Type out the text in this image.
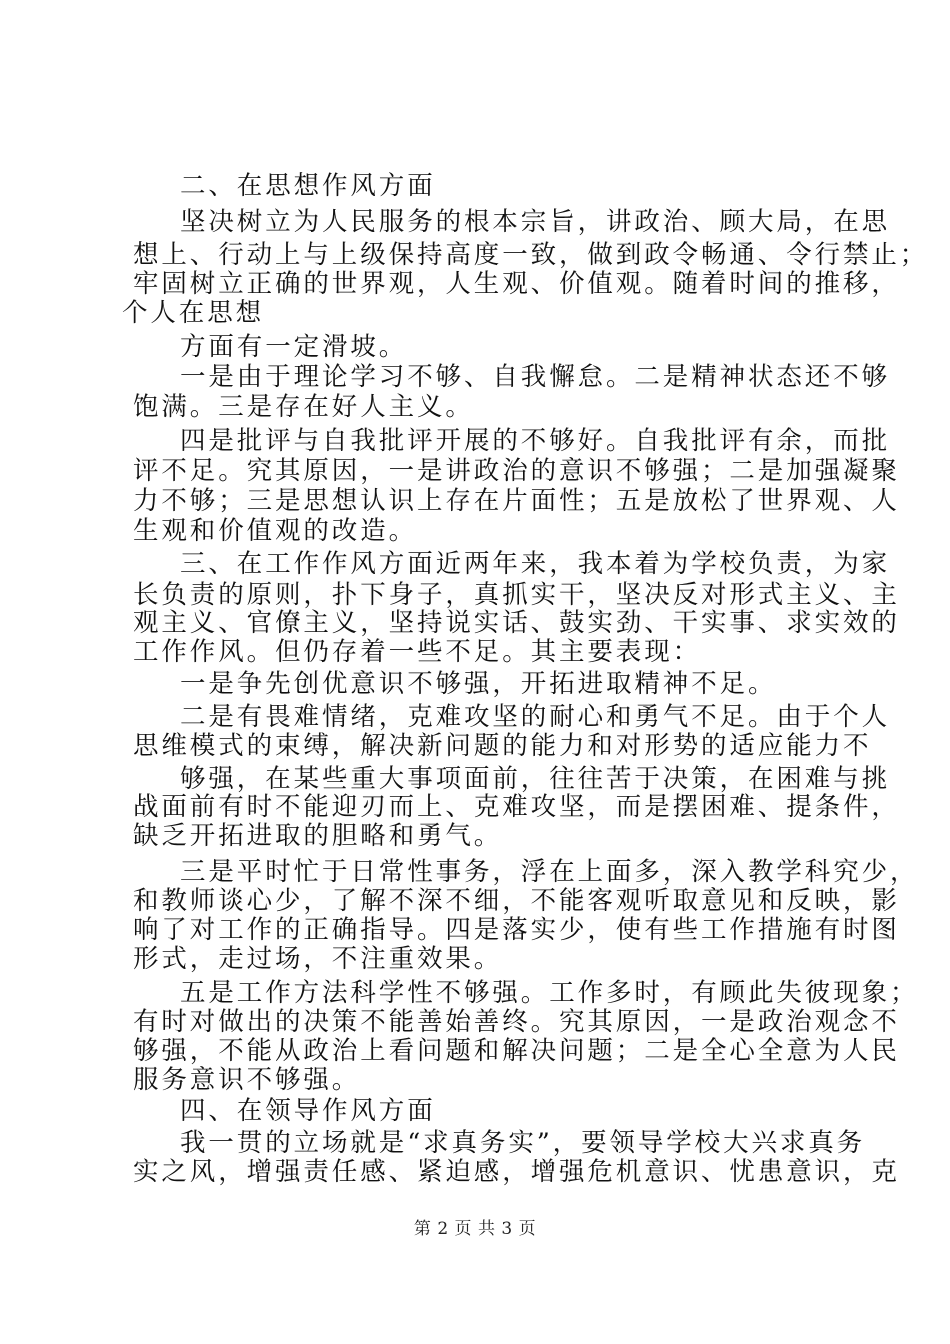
二、在思想作风方面

坚决树立为人民服务的根本宗旨，讲政治、顾大局，在思

想上、行动上与上级保持高度一致，做到政令畅通、令行禁止；

牢固树立正确的世界观，人生观、价值观。随着时间的推移，

个人在思想

方面有一定滑坡。

一是由于理论学习不够、自我懈怠。二是精神状态还不够

饱满。三是存在好人主义。

四是批评与自我批评开展的不够好。自我批评有余，而批

评不足。究其原因，一是讲政治的意识不够强；二是加强凝聚

力不够；三是思想认识上存在片面性；五是放松了世界观、人

生观和价值观的改造。

三、在工作作风方面近两年来，我本着为学校负责，为家

长负责的原则，扑下身子，真抓实干，坚决反对形式主义、主

观主义、官僚主义，坚持说实话、鼓实劲、干实事、求实效的

工作作风。但仍存着一些不足。其主要表现：

一是争先创优意识不够强，开拓进取精神不足。

二是有畏难情绪，克难攻坚的耐心和勇气不足。由于个人

思维模式的束缚，解决新问题的能力和对形势的适应能力不

够强，在某些重大事项面前，往往苦于决策，在困难与挑

战面前有时不能迎刃而上、克难攻坚，而是摆困难、提条件，

缺乏开拓进取的胆略和勇气。

三是平时忙于日常性事务，浮在上面多，深入教学科究少，

和教师谈心少，了解不深不细，不能客观听取意见和反映，影

响了对工作的正确指导。四是落实少，使有些工作措施有时图

形式，走过场，不注重效果。

五是工作方法科学性不够强。工作多时，有顾此失彼现象；

有时对做出的决策不能善始善终。究其原因，一是政治观念不

够强，不能从政治上看问题和解决问题；二是全心全意为人民

服务意识不够强。

四、在领导作风方面

我一贯的立场就是“求真务实”，要领导学校大兴求真务

实之风，增强责任感、紧迫感，增强危机意识、忧患意识，克

第 2 页 共 3 页
